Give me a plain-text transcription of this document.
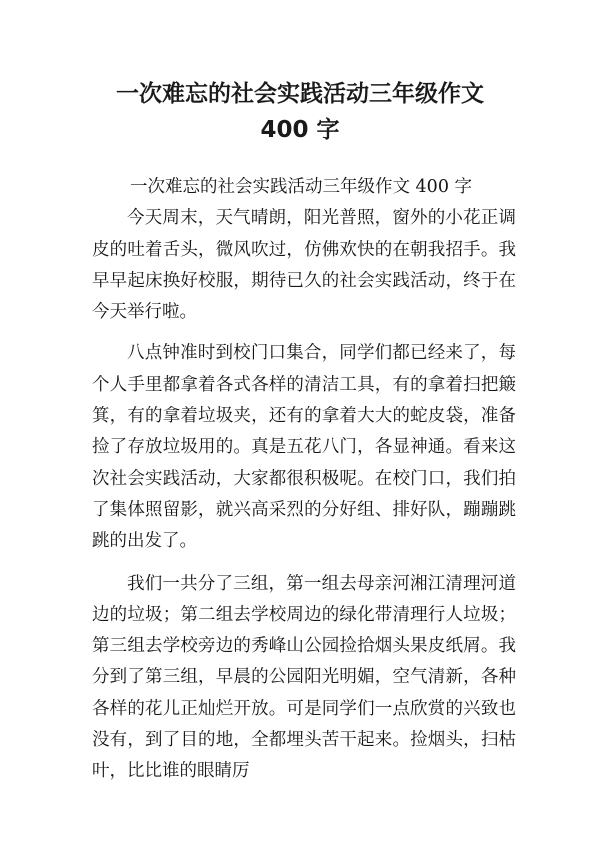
一次难忘的社会实践活动三年级作文
400 字

一次难忘的社会实践活动三年级作文 400 字

今天周末，天气晴朗，阳光普照，窗外的小花正调皮的吐着舌头，微风吹过，仿佛欢快的在朝我招手。我早早起床换好校服，期待已久的社会实践活动，终于在今天举行啦。

八点钟准时到校门口集合，同学们都已经来了，每个人手里都拿着各式各样的清洁工具，有的拿着扫把簸箕，有的拿着垃圾夹，还有的拿着大大的蛇皮袋，准备捡了存放垃圾用的。真是五花八门，各显神通。看来这次社会实践活动，大家都很积极呢。在校门口，我们拍了集体照留影，就兴高采烈的分好组、排好队，蹦蹦跳跳的出发了。

我们一共分了三组，第一组去母亲河湘江清理河道边的垃圾；第二组去学校周边的绿化带清理行人垃圾；第三组去学校旁边的秀峰山公园捡拾烟头果皮纸屑。我分到了第三组，早晨的公园阳光明媚，空气清新，各种各样的花儿正灿烂开放。可是同学们一点欣赏的兴致也没有，到了目的地，全都埋头苦干起来。捡烟头，扫枯叶，比比谁的眼睛厉
